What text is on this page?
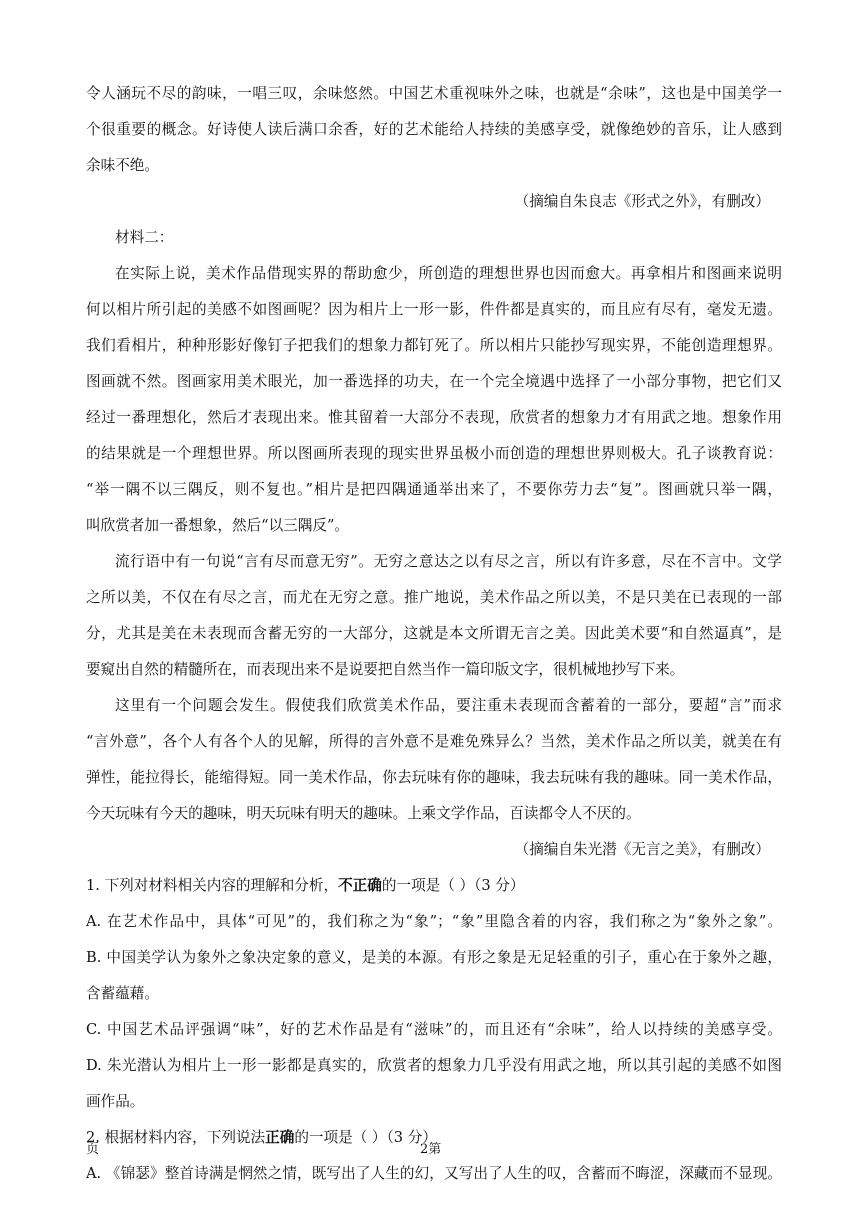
令人涵玩不尽的韵味，一唱三叹，余味悠然。中国艺术重视味外之味，也就是“余味”，这也是中国美学一
个很重要的概念。好诗使人读后满口余香，好的艺术能给人持续的美感享受，就像绝妙的音乐，让人感到
余味不绝。
（摘编自朱良志《形式之外》，有删改）
材料二：
在实际上说，美术作品借现实界的帮助愈少，所创造的理想世界也因而愈大。再拿相片和图画来说明
何以相片所引起的美感不如图画呢？因为相片上一形一影，件件都是真实的，而且应有尽有，毫发无遗。
我们看相片，种种形影好像钉子把我们的想象力都钉死了。所以相片只能抄写现实界，不能创造理想界。
图画就不然。图画家用美术眼光，加一番选择的功夫，在一个完全境遇中选择了一小部分事物，把它们又
经过一番理想化，然后才表现出来。惟其留着一大部分不表现，欣赏者的想象力才有用武之地。想象作用
的结果就是一个理想世界。所以图画所表现的现实世界虽极小而创造的理想世界则极大。孔子谈教育说：
“举一隅不以三隅反，则不复也。”相片是把四隅通通举出来了，不要你劳力去“复”。图画就只举一隅，
叫欣赏者加一番想象，然后“以三隅反”。
流行语中有一句说“言有尽而意无穷”。无穷之意达之以有尽之言，所以有许多意，尽在不言中。文学
之所以美，不仅在有尽之言，而尤在无穷之意。推广地说，美术作品之所以美，不是只美在已表现的一部
分，尤其是美在未表现而含蓄无穷的一大部分，这就是本文所谓无言之美。因此美术要“和自然逼真”，是
要窥出自然的精髓所在，而表现出来不是说要把自然当作一篇印版文字，很机械地抄写下来。
这里有一个问题会发生。假使我们欣赏美术作品，要注重未表现而含蓄着的一部分，要超“言”而求
“言外意”，各个人有各个人的见解，所得的言外意不是难免殊异么？当然，美术作品之所以美，就美在有
弹性，能拉得长，能缩得短。同一美术作品，你去玩味有你的趣味，我去玩味有我的趣味。同一美术作品，
今天玩味有今天的趣味，明天玩味有明天的趣味。上乘文学作品，百读都令人不厌的。
（摘编自朱光潜《无言之美》，有删改）
1. 下列对材料相关内容的理解和分析，不正确的一项是（ ）（3 分）
A. 在艺术作品中，具体“可见”的，我们称之为“象”；“象”里隐含着的内容，我们称之为“象外之象”。
B. 中国美学认为象外之象决定象的意义，是美的本源。有形之象是无足轻重的引子，重心在于象外之趣，
含蓄蕴藉。
C. 中国艺术品评强调“味”，好的艺术作品是有“滋味”的，而且还有“余味”，给人以持续的美感享受。
D. 朱光潜认为相片上一形一影都是真实的，欣赏者的想象力几乎没有用武之地，所以其引起的美感不如图
画作品。
2. 根据材料内容，下列说法正确的一项是（ ）（3 分）
A. 《锦瑟》整首诗满是惘然之情，既写出了人生的幻，又写出了人生的叹，含蓄而不晦涩，深藏而不显现。
页	2第
